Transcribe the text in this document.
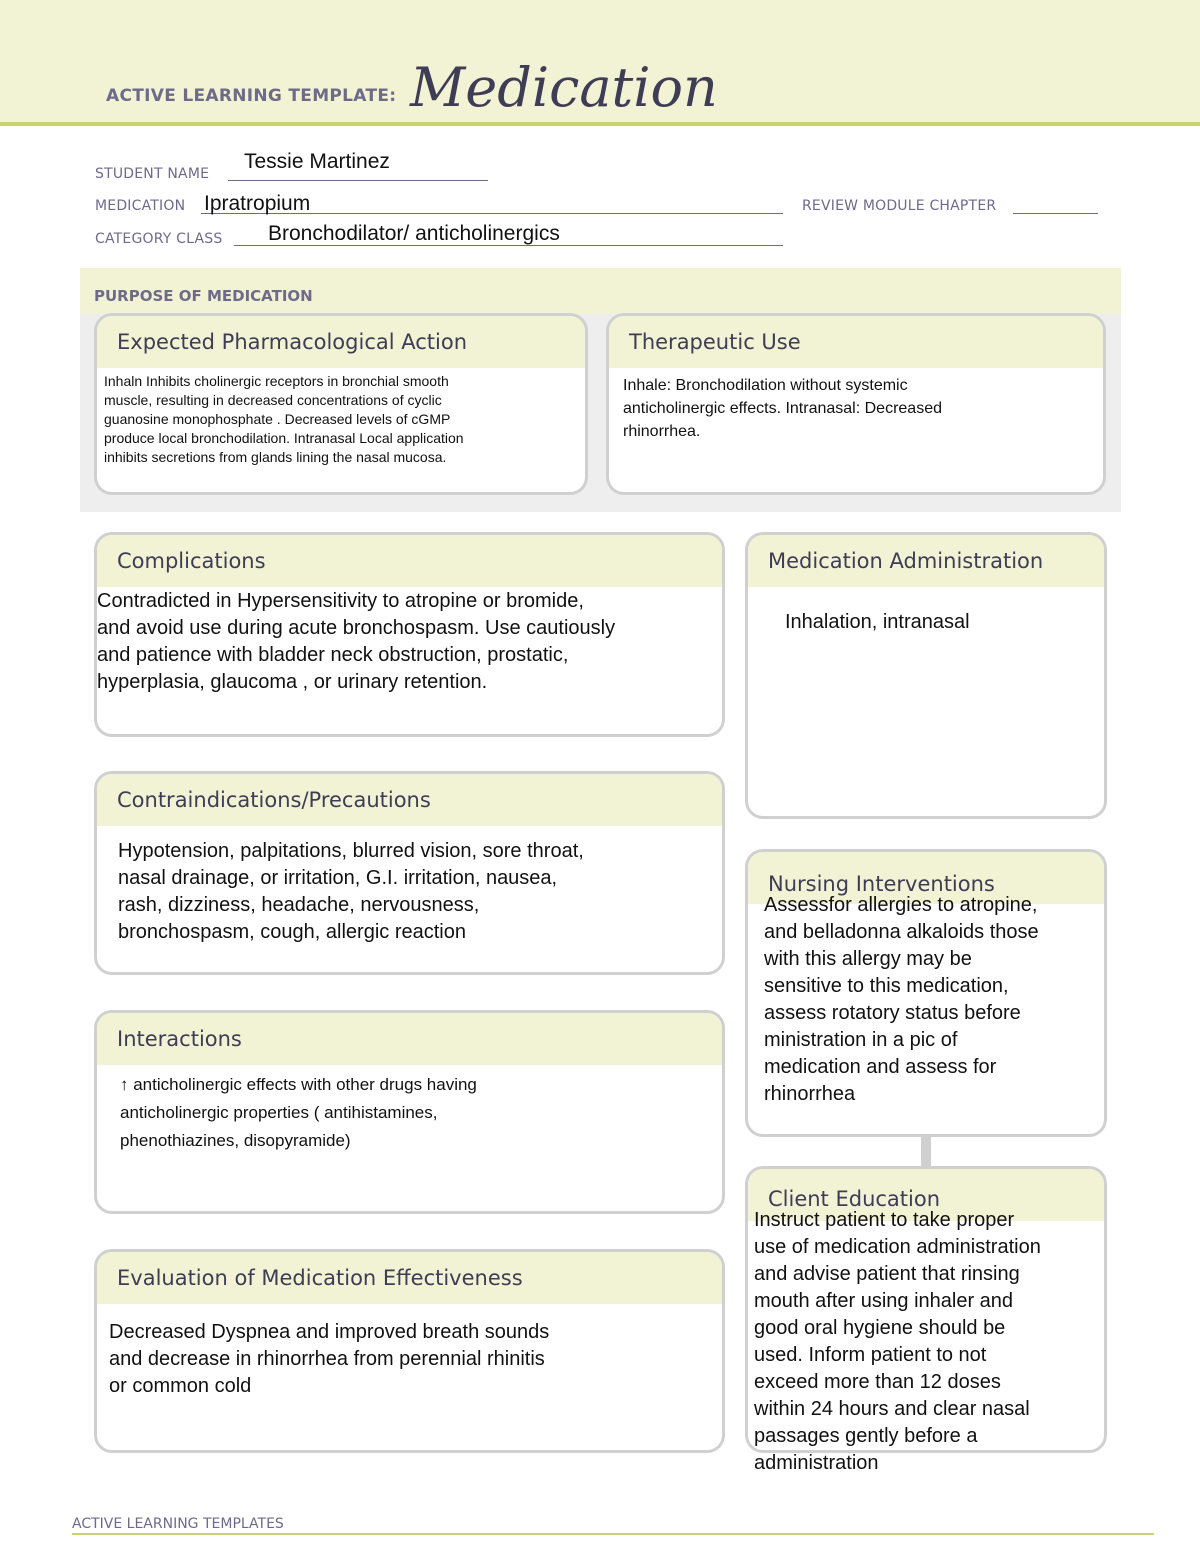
ACTIVE LEARNING TEMPLATE: Medication
STUDENT NAME
Tessie Martinez
MEDICATION Ipratropium	REVIEW MODULE CHAPTER
CATEGORY CLASS Bronchodilator/ anticholinergics
PURPOSE OF MEDICATION
Expected Pharmacological Action
Inhaln Inhibits cholinergic receptors in bronchial smooth
muscle, resulting in decreased concentrations of cyclic
guanosine monophosphate . Decreased levels of cGMP
produce local bronchodilation. Intranasal Local application
inhibits secretions from glands lining the nasal mucosa.
Therapeutic Use
Inhale: Bronchodilation without systemic
anticholinergic effects. Intranasal: Decreased
rhinorrhea.
Complications
Contradicted in Hypersensitivity to atropine or bromide,
and avoid use during acute bronchospasm. Use cautiously
and patience with bladder neck obstruction, prostatic,
hyperplasia, glaucoma , or urinary retention.
Contraindications/Precautions
Hypotension, palpitations, blurred vision, sore throat,
nasal drainage, or irritation, G.I. irritation, nausea,
rash, dizziness, headache, nervousness,
bronchospasm, cough, allergic reaction
Interactions
↑ anticholinergic effects with other drugs having
anticholinergic properties ( antihistamines,
phenothiazines, disopyramide)
Evaluation of Medication Effectiveness
Decreased Dyspnea and improved breath sounds
and decrease in rhinorrhea from perennial rhinitis
or common cold
Medication Administration
Inhalation, intranasal
Nursing Interventions
Assessfor allergies to atropine,
and belladonna alkaloids those
with this allergy may be
sensitive to this medication,
assess rotatory status before
ministration in a pic of
medication and assess for
rhinorrhea
Client Education
Instruct patient to take proper
use of medication administration
and advise patient that rinsing
mouth after using inhaler and
good oral hygiene should be
used. Inform patient to not
exceed more than 12 doses
within 24 hours and clear nasal
passages gently before a
administration
ACTIVE LEARNING TEMPLATES
